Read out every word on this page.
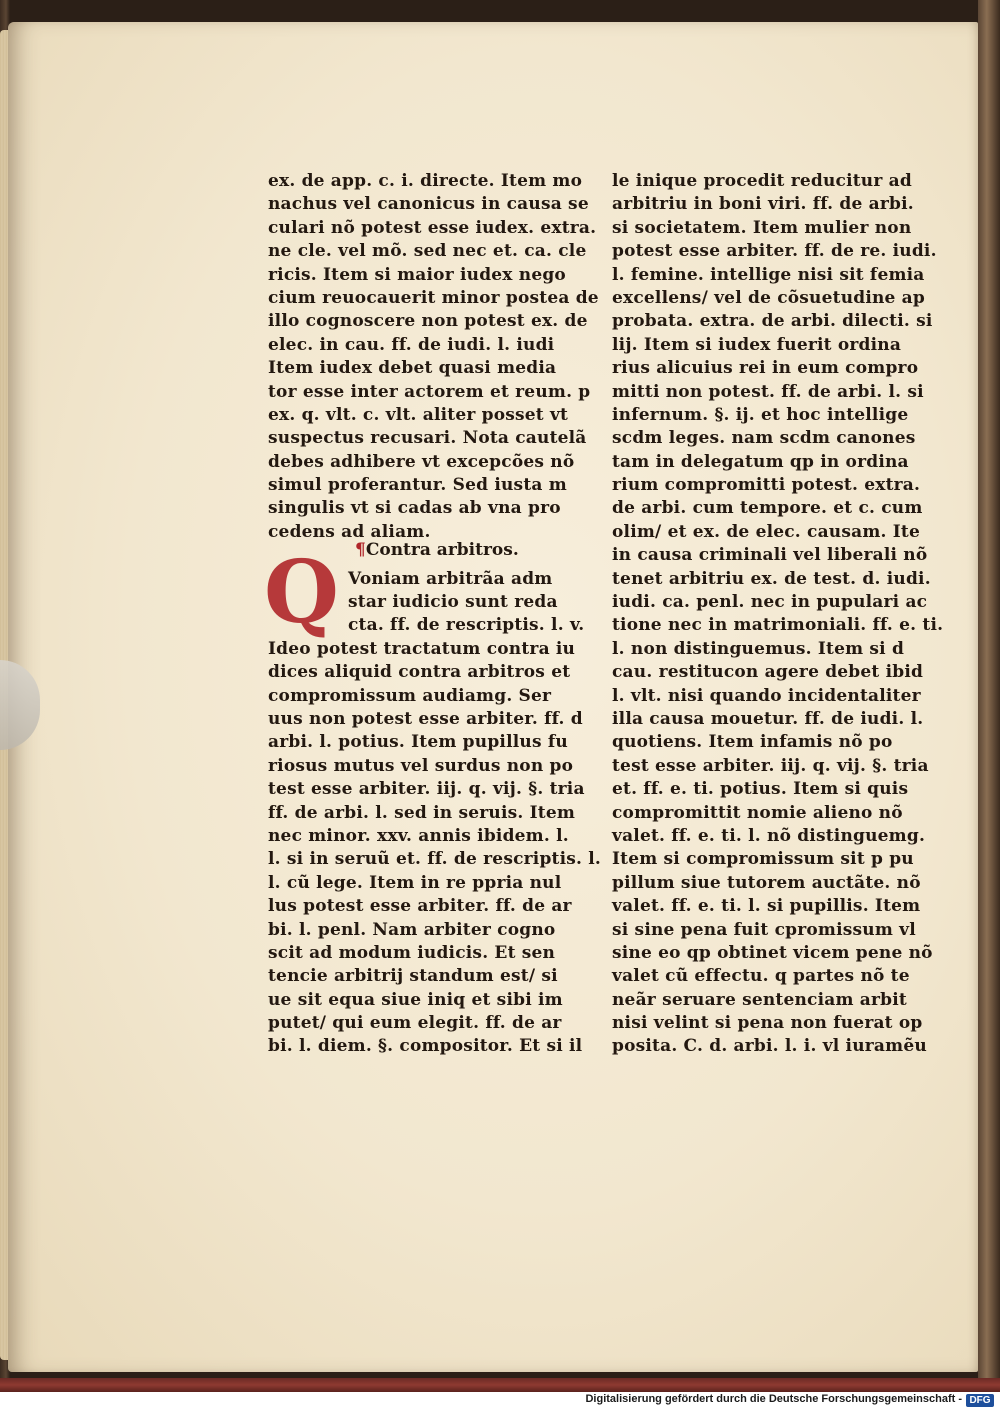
ex. de app. c. i. directe. Item mo
nachus vel canonicus in causa se
culari nõ potest esse iudex. extra.
ne cle. vel mõ. sed nec et. ca. cle
ricis. Item si maior iudex nego
cium reuocauerit minor postea de
illo cognoscere non potest ex. de
elec. in cau. ff. de iudi. l. iudi
Item iudex debet quasi media
tor esse inter actorem et reum. p
ex. q. vlt. c. vlt. aliter posset vt
suspectus recusari. Nota cautelã
debes adhibere vt excepcões nõ
simul proferantur. Sed iusta m
singulis vt si cadas ab vna pro
cedens ad aliam.
Voniam arbitrãa adm
star iudicio sunt reda
cta. ff. de rescriptis. l. v.
Ideo potest tractatum contra iu
dices aliquid contra arbitros et
compromissum audiamg. Ser
uus non potest esse arbiter. ff. d
arbi. l. potius. Item pupillus fu
riosus mutus vel surdus non po
test esse arbiter. iij. q. vij. §. tria
ff. de arbi. l. sed in seruis. Item
nec minor. xxv. annis ibidem. l.
l. si in seruũ et. ff. de rescriptis. l.
l. cũ lege. Item in re ppria nul
lus potest esse arbiter. ff. de ar
bi. l. penl. Nam arbiter cogno
scit ad modum iudicis. Et sen
tencie arbitrij standum est/ si
ue sit equa siue iniq et sibi im
putet/ qui eum elegit. ff. de ar
bi. l. diem. §. compositor. Et si il
¶Contra arbitros.
Q
le inique procedit reducitur ad
arbitriu in boni viri. ff. de arbi.
si societatem. Item mulier non
potest esse arbiter. ff. de re. iudi.
l. femine. intellige nisi sit femia
excellens/ vel de cõsuetudine ap
probata. extra. de arbi. dilecti. si
lij. Item si iudex fuerit ordina
rius alicuius rei in eum compro
mitti non potest. ff. de arbi. l. si
infernum. §. ij. et hoc intellige
scdm leges. nam scdm canones
tam in delegatum qp in ordina
rium compromitti potest. extra.
de arbi. cum tempore. et c. cum
olim/ et ex. de elec. causam. Ite
in causa criminali vel liberali nõ
tenet arbitriu ex. de test. d. iudi.
iudi. ca. penl. nec in pupulari ac
tione nec in matrimoniali. ff. e. ti.
l. non distinguemus. Item si d
cau. restitucon agere debet ibid
l. vlt. nisi quando incidentaliter
illa causa mouetur. ff. de iudi. l.
quotiens. Item infamis nõ po
test esse arbiter. iij. q. vij. §. tria
et. ff. e. ti. potius. Item si quis
compromittit nomie alieno nõ
valet. ff. e. ti. l. nõ distinguemg.
Item si compromissum sit p pu
pillum siue tutorem auctãte. nõ
valet. ff. e. ti. l. si pupillis. Item
si sine pena fuit cpromissum vl
sine eo qp obtinet vicem pene nõ
valet cũ effectu. q partes nõ te
neãr seruare sentenciam arbit
nisi velint si pena non fuerat op
posita. C. d. arbi. l. i. vl iuramẽu
Digitalisierung gefördert durch die Deutsche Forschungsgemeinschaft - DFG
